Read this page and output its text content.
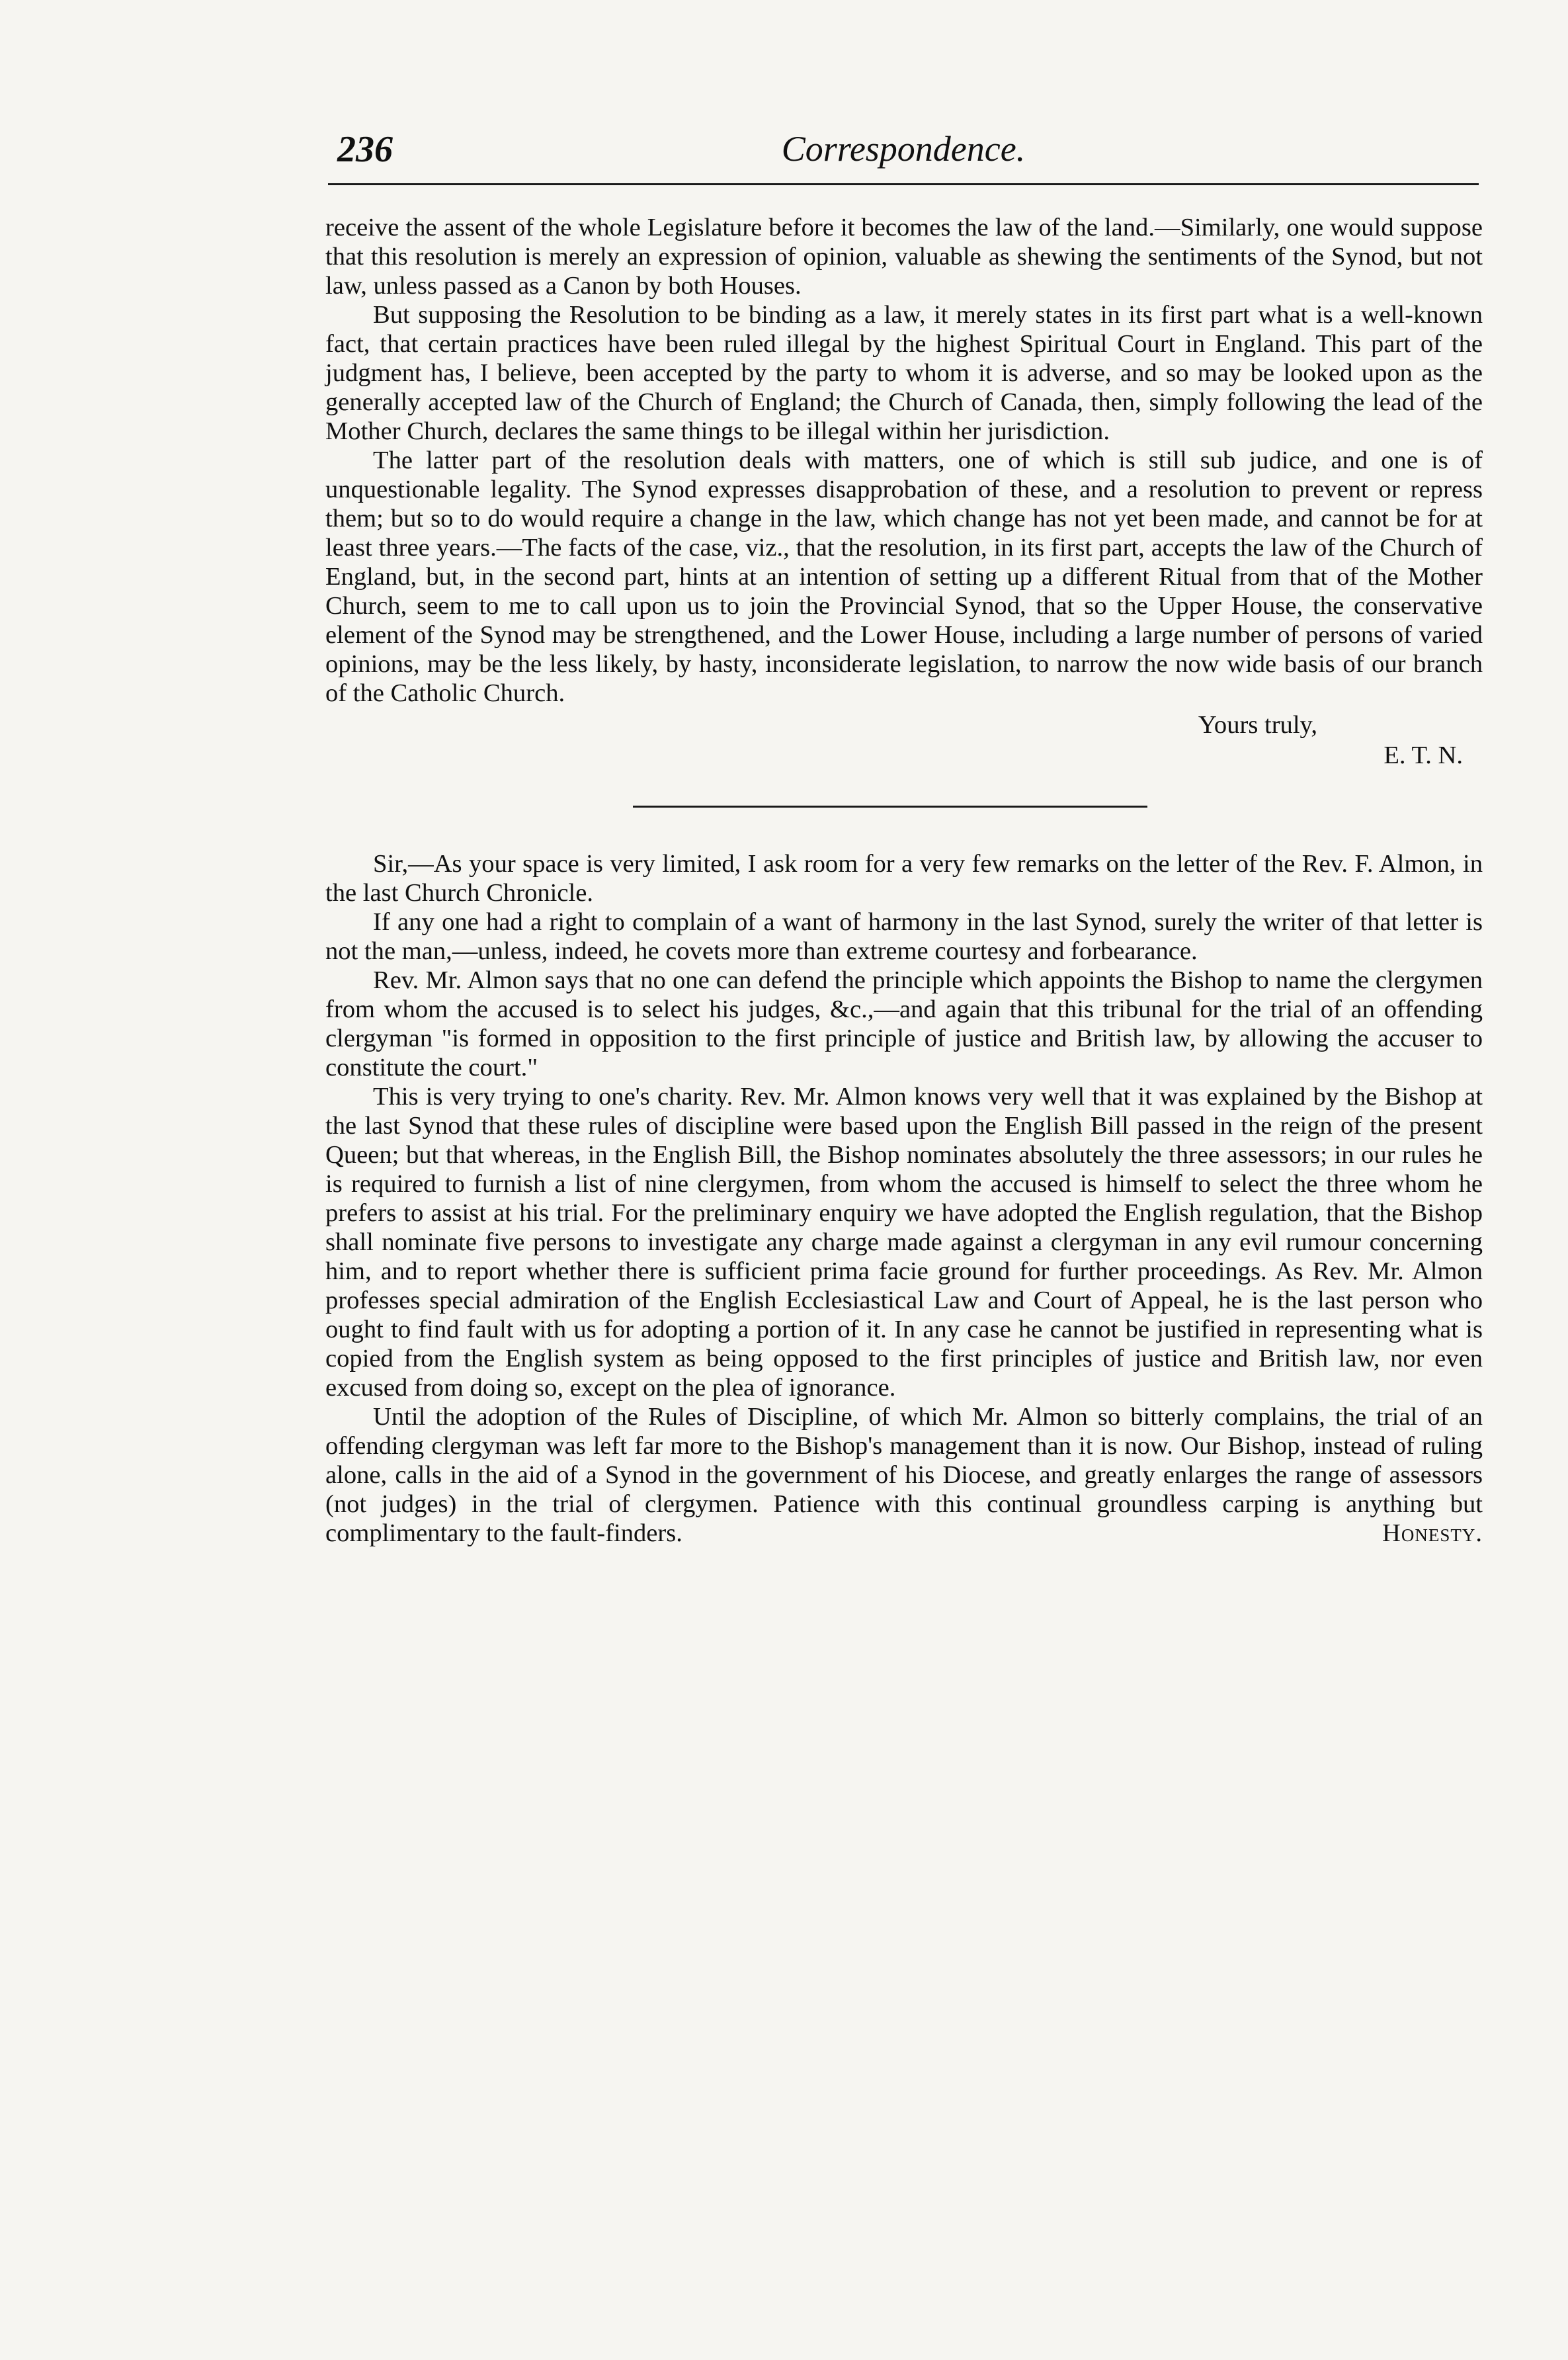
236	Correspondence.

receive the assent of the whole Legislature before it becomes the law of the land.—Similarly, one would suppose that this resolution is merely an expression of opinion, valuable as shewing the sentiments of the Synod, but not law, unless passed as a Canon by both Houses.

But supposing the Resolution to be binding as a law, it merely states in its first part what is a well-known fact, that certain practices have been ruled illegal by the highest Spiritual Court in England. This part of the judgment has, I believe, been accepted by the party to whom it is adverse, and so may be looked upon as the generally accepted law of the Church of England; the Church of Canada, then, simply following the lead of the Mother Church, declares the same things to be illegal within her jurisdiction.

The latter part of the resolution deals with matters, one of which is still sub judice, and one is of unquestionable legality. The Synod expresses disapprobation of these, and a resolution to prevent or repress them; but so to do would require a change in the law, which change has not yet been made, and cannot be for at least three years.—The facts of the case, viz., that the resolution, in its first part, accepts the law of the Church of England, but, in the second part, hints at an intention of setting up a different Ritual from that of the Mother Church, seem to me to call upon us to join the Provincial Synod, that so the Upper House, the conservative element of the Synod may be strengthened, and the Lower House, including a large number of persons of varied opinions, may be the less likely, by hasty, inconsiderate legislation, to narrow the now wide basis of our branch of the Catholic Church.

Yours truly,
E. T. N.

Sir,—As your space is very limited, I ask room for a very few remarks on the letter of the Rev. F. Almon, in the last Church Chronicle.

If any one had a right to complain of a want of harmony in the last Synod, surely the writer of that letter is not the man,—unless, indeed, he covets more than extreme courtesy and forbearance.

Rev. Mr. Almon says that no one can defend the principle which appoints the Bishop to name the clergymen from whom the accused is to select his judges, &c.,—and again that this tribunal for the trial of an offending clergyman "is formed in opposition to the first principle of justice and British law, by allowing the accuser to constitute the court."

This is very trying to one's charity. Rev. Mr. Almon knows very well that it was explained by the Bishop at the last Synod that these rules of discipline were based upon the English Bill passed in the reign of the present Queen; but that whereas, in the English Bill, the Bishop nominates absolutely the three assessors; in our rules he is required to furnish a list of nine clergymen, from whom the accused is himself to select the three whom he prefers to assist at his trial. For the preliminary enquiry we have adopted the English regulation, that the Bishop shall nominate five persons to investigate any charge made against a clergyman in any evil rumour concerning him, and to report whether there is sufficient prima facie ground for further proceedings. As Rev. Mr. Almon professes special admiration of the English Ecclesiastical Law and Court of Appeal, he is the last person who ought to find fault with us for adopting a portion of it. In any case he cannot be justified in representing what is copied from the English system as being opposed to the first principles of justice and British law, nor even excused from doing so, except on the plea of ignorance.

Until the adoption of the Rules of Discipline, of which Mr. Almon so bitterly complains, the trial of an offending clergyman was left far more to the Bishop's management than it is now. Our Bishop, instead of ruling alone, calls in the aid of a Synod in the government of his Diocese, and greatly enlarges the range of assessors (not judges) in the trial of clergymen. Patience with this continual groundless carping is anything but complimentary to the fault-finders.	Honesty.
